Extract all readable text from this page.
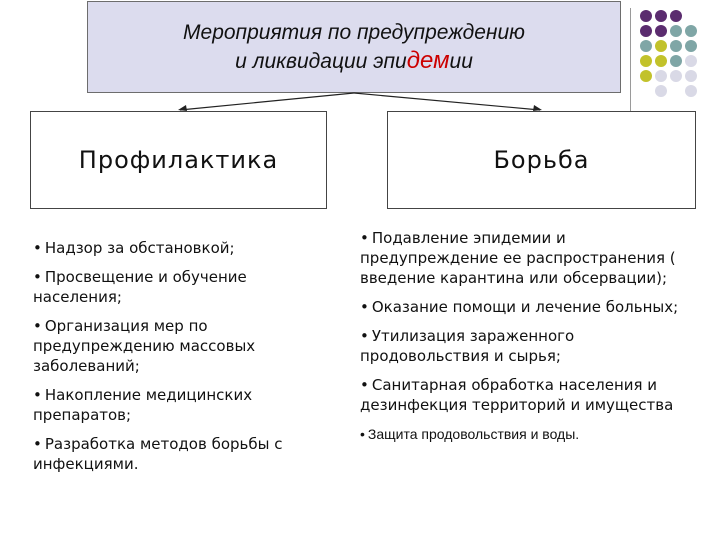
Мероприятия по предупреждению
и ликвидации эпидемии
Профилактика	Борьба
• Надзор за обстановкой;
• Просвещение и обучение населения;
• Организация мер по предупреждению массовых заболеваний;
• Накопление медицинских препаратов;
• Разработка методов борьбы с инфекциями.
• Подавление эпидемии и предупреждение ее распространения ( введение карантина или обсервации);
• Оказание помощи и лечение больных;
• Утилизация зараженного продовольствия и сырья;
• Санитарная обработка населения и дезинфекция территорий и имущества
• Защита продовольствия и воды.
